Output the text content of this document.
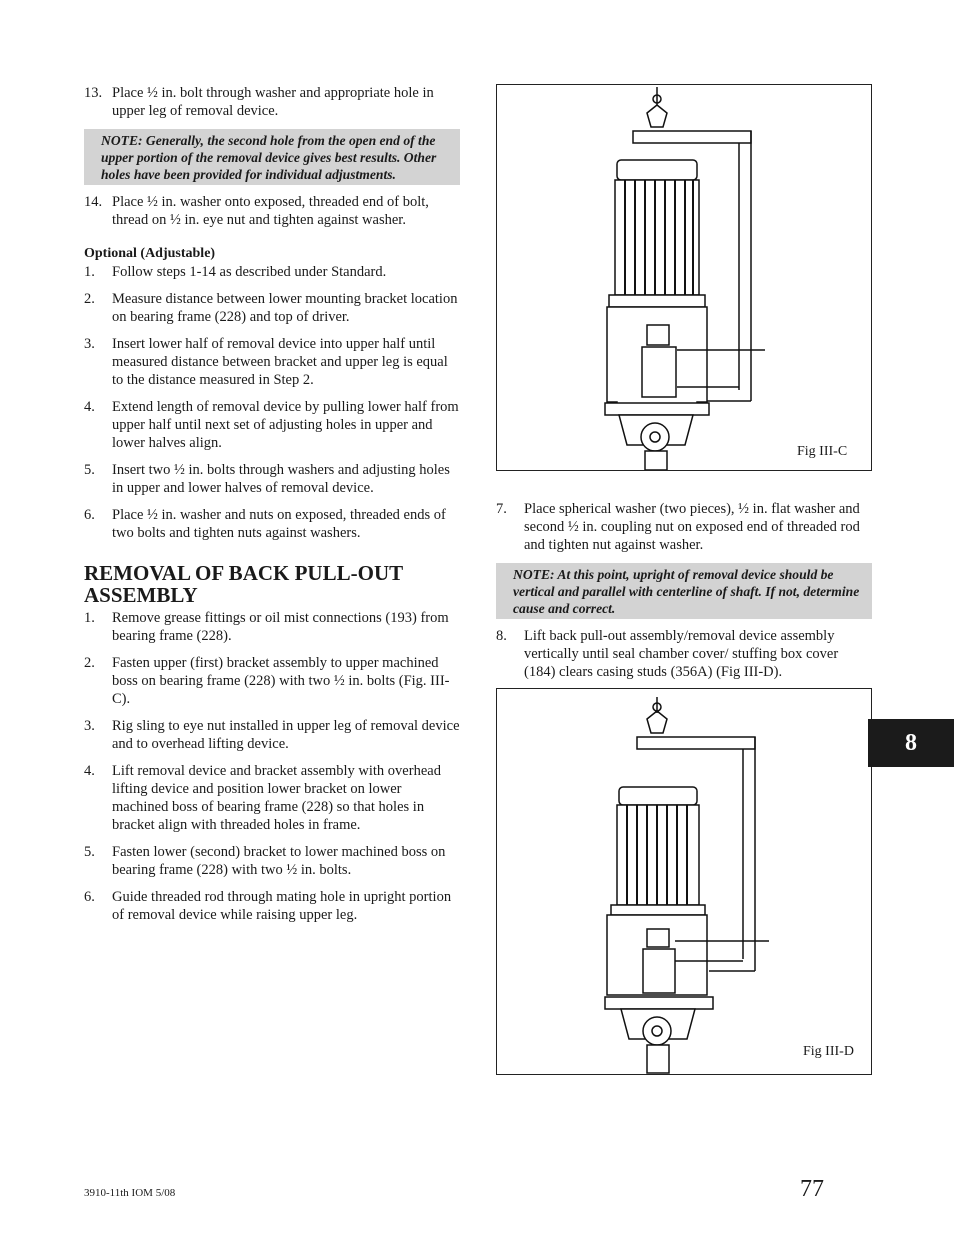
13. Place ½ in. bolt through washer and appropriate hole in upper leg of removal device.
NOTE: Generally, the second hole from the open end of the upper portion of the removal device gives best results. Other holes have been provided for individual adjustments.
14. Place ½ in. washer onto exposed, threaded end of bolt, thread on ½ in. eye nut and tighten against washer.
Optional (Adjustable)
1.	Follow steps 1-14 as described under Standard.
2.	Measure distance between lower mounting bracket location on bearing frame (228) and top of driver.
3.	Insert lower half of removal device into upper half until measured distance between bracket and upper leg is equal to the distance measured in Step 2.
4.	Extend length of removal device by pulling lower half from upper half until next set of adjusting holes in upper and lower halves align.
5.	Insert two ½ in. bolts through washers and adjusting holes in upper and lower halves of removal device.
6.	Place ½ in. washer and nuts on exposed, threaded ends of two bolts and tighten nuts against washers.
REMOVAL OF BACK PULL-OUT ASSEMBLY
1.	Remove grease fittings or oil mist connections (193) from bearing frame (228).
2.	Fasten upper (first) bracket assembly to upper machined boss on bearing frame (228) with two ½ in. bolts (Fig. III-C).
3.	Rig sling to eye nut installed in upper leg of removal device and to overhead lifting device.
4.	Lift removal device and bracket assembly with overhead lifting device and position lower bracket on lower machined boss of bearing frame (228) so that holes in bracket align with threaded holes in frame.
5.	Fasten lower (second) bracket to lower machined boss on bearing frame (228) with two ½ in. bolts.
6.	Guide threaded rod through mating hole in upright portion of removal device while raising upper leg.
Fig III-C
7.	Place spherical washer (two pieces), ½ in. flat washer and second ½ in. coupling nut on exposed end of threaded rod and tighten nut against washer.
NOTE: At this point, upright of removal device should be vertical and parallel with centerline of shaft. If not, determine cause and correct.
8.	Lift back pull-out assembly/removal device assembly vertically until seal chamber cover/ stuffing box cover (184) clears casing studs (356A) (Fig III-D).
Fig III-D
8
3910-11th IOM 5/08	77
